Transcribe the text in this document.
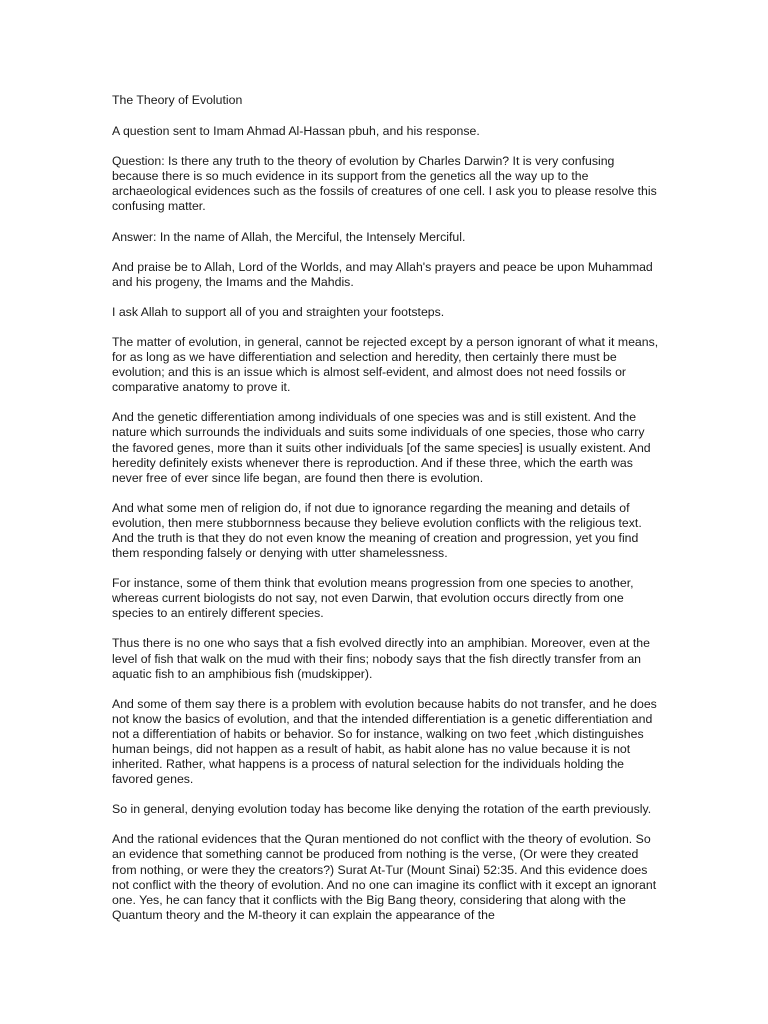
The Theory of Evolution

A question sent to Imam Ahmad Al-Hassan pbuh, and his response.

Question: Is there any truth to the theory of evolution by Charles Darwin? It is very confusing because there is so much evidence in its support from the genetics all the way up to the archaeological evidences such as the fossils of creatures of one cell. I ask you to please resolve this confusing matter.

Answer: In the name of Allah, the Merciful, the Intensely Merciful.

And praise be to Allah, Lord of the Worlds, and may Allah's prayers and peace be upon Muhammad and his progeny, the Imams and the Mahdis.

I ask Allah to support all of you and straighten your footsteps.

The matter of evolution, in general, cannot be rejected except by a person ignorant of what it means, for as long as we have differentiation and selection and heredity, then certainly there must be evolution; and this is an issue which is almost self-evident, and almost does not need fossils or comparative anatomy to prove it.

And the genetic differentiation among individuals of one species was and is still existent. And the nature which surrounds the individuals and suits some individuals of one species, those who carry the favored genes, more than it suits other individuals [of the same species] is usually existent. And heredity definitely exists whenever there is reproduction. And if these three, which the earth was never free of ever since life began, are found then there is evolution.

And what some men of religion do, if not due to ignorance regarding the meaning and details of evolution, then mere stubbornness because they believe evolution conflicts with the religious text. And the truth is that they do not even know the meaning of creation and progression, yet you find them responding falsely or denying with utter shamelessness.

For instance, some of them think that evolution means progression from one species to another, whereas current biologists do not say, not even Darwin, that evolution occurs directly from one species to an entirely different species.

Thus there is no one who says that a fish evolved directly into an amphibian. Moreover, even at the level of fish that walk on the mud with their fins; nobody says that the fish directly transfer from an aquatic fish to an amphibious fish (mudskipper).

And some of them say there is a problem with evolution because habits do not transfer, and he does not know the basics of evolution, and that the intended differentiation is a genetic differentiation and not a differentiation of habits or behavior. So for instance, walking on two feet ,which distinguishes human beings, did not happen as a result of habit, as habit alone has no value because it is not inherited. Rather, what happens is a process of natural selection for the individuals holding the favored genes.

So in general, denying evolution today has become like denying the rotation of the earth previously.

And the rational evidences that the Quran mentioned do not conflict with the theory of evolution. So an evidence that something cannot be produced from nothing is the verse, (Or were they created from nothing, or were they the creators?) Surat At-Tur (Mount Sinai) 52:35. And this evidence does not conflict with the theory of evolution. And no one can imagine its conflict with it except an ignorant one. Yes, he can fancy that it conflicts with the Big Bang theory, considering that along with the Quantum theory and the M-theory it can explain the appearance of the
